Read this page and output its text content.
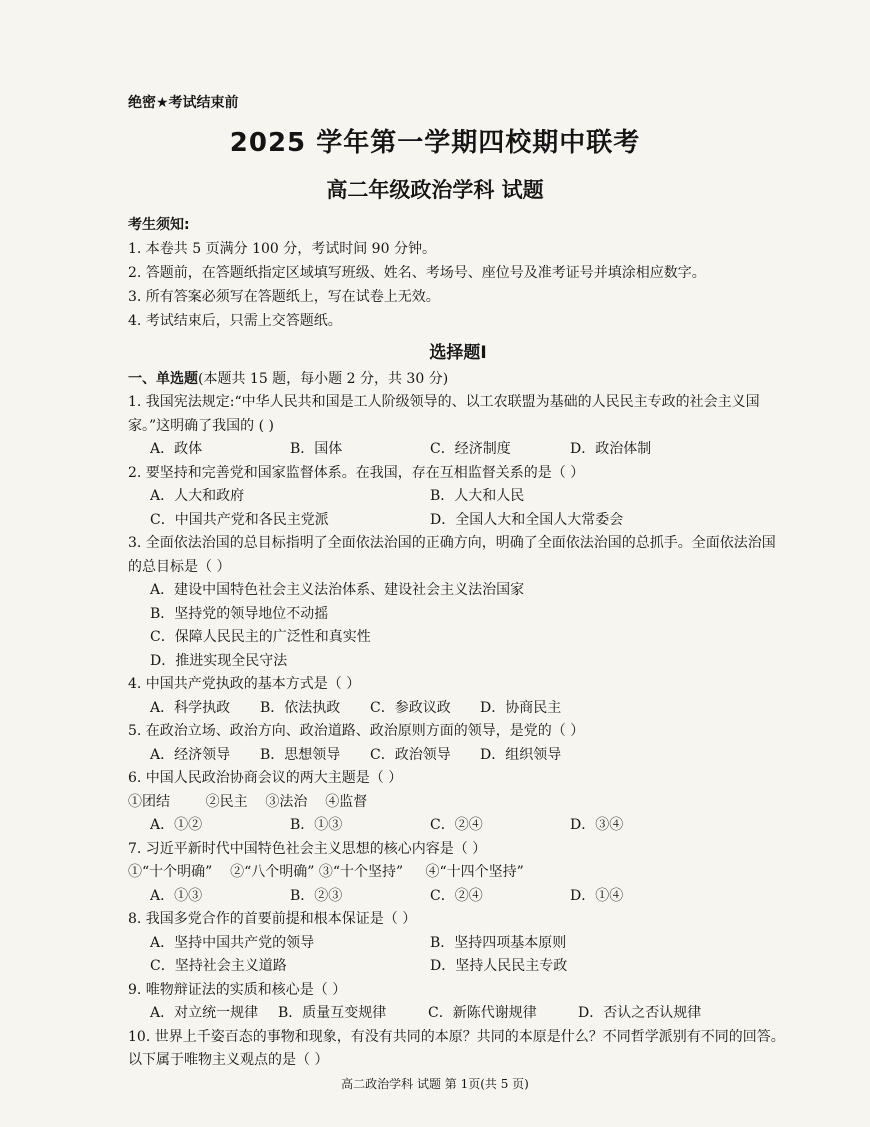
绝密★考试结束前
2025 学年第一学期四校期中联考
高二年级政治学科 试题
考生须知:
1. 本卷共 5 页满分 100 分，考试时间 90 分钟。
2. 答题前，在答题纸指定区域填写班级、姓名、考场号、座位号及准考证号并填涂相应数字。
3. 所有答案必须写在答题纸上，写在试卷上无效。
4. 考试结束后，只需上交答题纸。
选择题Ⅰ
一、单选题(本题共 15 题，每小题 2 分，共 30 分)
1. 我国宪法规定:“中华人民共和国是工人阶级领导的、以工农联盟为基础的人民民主专政的社会主义国家。”这明确了我国的 ( )
A．政体	B．国体	C．经济制度	D．政治体制
2. 要坚持和完善党和国家监督体系。在我国，存在互相监督关系的是（ ）
A．人大和政府	B．人大和人民
C．中国共产党和各民主党派	D．全国人大和全国人大常委会
3. 全面依法治国的总目标指明了全面依法治国的正确方向，明确了全面依法治国的总抓手。全面依法治国的总目标是（ ）
A．建设中国特色社会主义法治体系、建设社会主义法治国家
B．坚持党的领导地位不动摇
C．保障人民民主的广泛性和真实性
D．推进实现全民守法
4. 中国共产党执政的基本方式是（ ）
A．科学执政	B．依法执政	C．参政议政	D．协商民主
5. 在政治立场、政治方向、政治道路、政治原则方面的领导，是党的（ ）
A．经济领导	B．思想领导	C．政治领导	D．组织领导
6. 中国人民政治协商会议的两大主题是（ ）
①团结        ②民主    ③法治    ④监督
A．①②	B．①③	C．②④	D．③④
7. 习近平新时代中国特色社会主义思想的核心内容是（ ）
①“十个明确”    ②“八个明确” ③“十个坚持”     ④“十四个坚持”
A．①③	B．②③	C．②④	D．①④
8. 我国多党合作的首要前提和根本保证是（ ）
A．坚持中国共产党的领导	B．坚持四项基本原则
C．坚持社会主义道路	D．坚持人民民主专政
9. 唯物辩证法的实质和核心是（ ）
A．对立统一规律	B．质量互变规律	C．新陈代谢规律	D．否认之否认规律
10. 世界上千姿百态的事物和现象，有没有共同的本原？共同的本原是什么？不同哲学派别有不同的回答。以下属于唯物主义观点的是（ ）
高二政治学科 试题 第 1页(共 5 页)
